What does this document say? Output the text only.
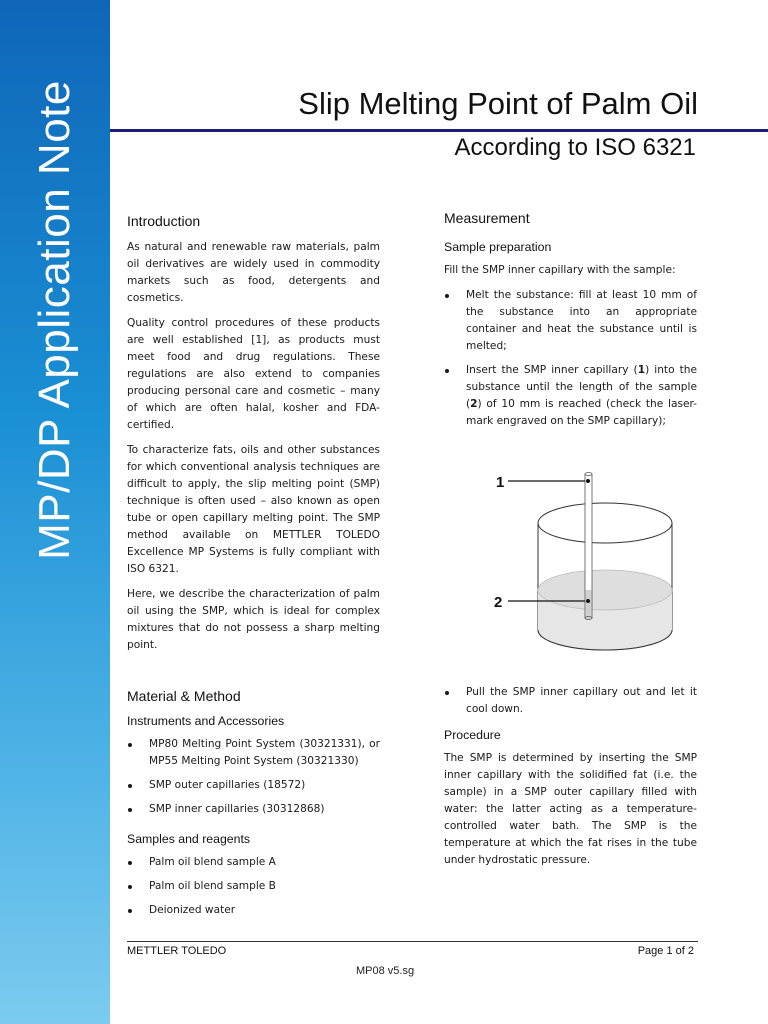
MP/DP Application Note	Slip Melting Point of Palm Oil
According to ISO 6321
Introduction

As natural and renewable raw materials, palm oil derivatives are widely used in commodity markets such as food, detergents and cosmetics.

Quality control procedures of these products are well established [1], as products must meet food and drug regulations. These regulations are also extend to companies producing personal care and cosmetic – many of which are often halal, kosher and FDA-certified.

To characterize fats, oils and other substances for which conventional analysis techniques are difficult to apply, the slip melting point (SMP) technique is often used – also known as open tube or open capillary melting point. The SMP method available on METTLER TOLEDO Excellence MP Systems is fully compliant with ISO 6321.

Here, we describe the characterization of palm oil using the SMP, which is ideal for complex mixtures that do not possess a sharp melting point.

Material & Method
Instruments and Accessories
MP80 Melting Point System (30321331), or MP55 Melting Point System (30321330)
SMP outer capillaries (18572)
SMP inner capillaries (30312868)
Samples and reagents
Palm oil blend sample A
Palm oil blend sample B
Deionized water
Measurement
Sample preparation

Fill the SMP inner capillary with the sample:

Melt the substance: fill at least 10 mm of the substance into an appropriate container and heat the substance until is melted;
Insert the SMP inner capillary (1) into the substance until the length of the sample (2) of 10 mm is reached (check the laser-mark engraved on the SMP capillary);
1
2
Pull the SMP inner capillary out and let it cool down.
Procedure

The SMP is determined by inserting the SMP inner capillary with the solidified fat (i.e. the sample) in a SMP outer capillary filled with water: the latter acting as a temperature-controlled water bath. The SMP is the temperature at which the fat rises in the tube under hydrostatic pressure.

METTLER TOLEDO	Page 1 of 2
MP08 v5.sg
